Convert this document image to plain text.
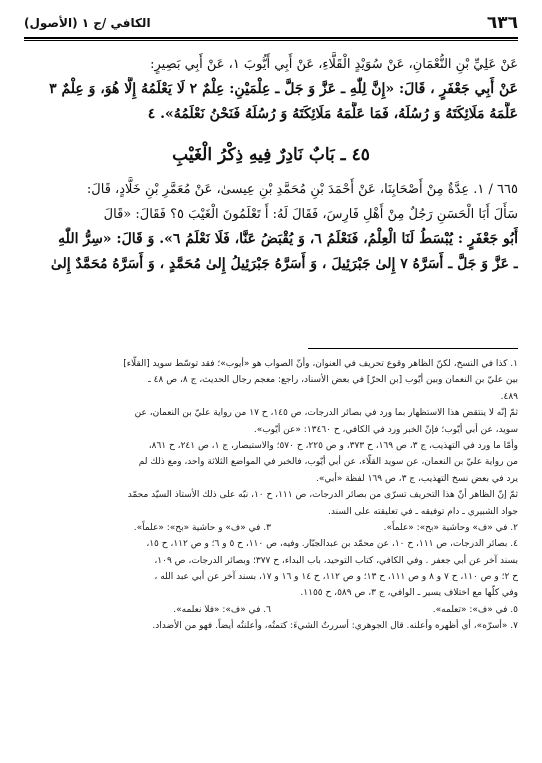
٦٣٦
الكافي /ج ١ (الأصول)
عَنْ عَلِيِّ بْنِ النُّعْمَانِ، عَنْ سُوَيْدٍ الْقَلَّاءِ، عَنْ أَبِي أَيُّوبَ ١، عَنْ أَبِي بَصِيرٍ:
عَنْ أَبِي جَعْفَرٍ ، قَالَ: «إِنَّ لِلّٰهِ ـ عَزَّ وَ جَلَّ ـ عِلْمَيْنِ: عِلْمٌ ٢ لَا يَعْلَمُهُ إِلَّا هُوَ، وَ عِلْمٌ ٣
عَلَّمَهُ مَلَائِكَتَهُ وَ رُسُلَهُ، فَمَا عَلَّمَهُ مَلَائِكَتَهُ وَ رُسُلَهُ فَنَحْنُ نَعْلَمُهُ». ٤
٤٥ ـ بَابٌ نَادِرٌ فِيهِ ذِكْرُ الْغَيْبِ
٦٦٥ / ١. عِدَّةٌ مِنْ أَصْحَابِنَا، عَنْ أَحْمَدَ بْنِ مُحَمَّدِ بْنِ عِيسىٰ، عَنْ مُعَمَّرِ بْنِ خَلَّادٍ، قَالَ:
سَأَلَ أَبَا الْحَسَنِ رَجُلٌ مِنْ أَهْلِ فَارِسَ، فَقَالَ لَهُ: أَ تَعْلَمُونَ الْغَيْبَ ٥؟ فَقَالَ: «قَالَ
أَبُو جَعْفَرٍ : يُبْسَطُ لَنَا الْعِلْمُ، فَنَعْلَمُ ٦، وَ يُقْبَضُ عَنَّا، فَلَا نَعْلَمُ ٦». وَ قَالَ: «سِرُّ اللّٰهِ
ـ عَزَّ وَ جَلَّ ـ أَسَرَّهُ ٧ إِلىٰ جَبْرَئِيلَ ، وَ أَسَرَّهُ جَبْرَئِيلُ إِلىٰ مُحَمَّدٍ ، وَ أَسَرَّهُ مُحَمَّدٌ إِلىٰ
١. كذا في النسخ، لكنّ الظاهر وقوع تحريف في العنوان، وأنّ الصواب هو «أيوب»؛ فقد توسّط سويد [القلّاء]
بين عليّ بن النعمان وبين أيّوب [بن الحرّ] في بعض الأسناد، راجع: معجم رجال الحديث، ج ٨، ص ٤٨ ـ
٤٨٩.
ثمّ إنّه لا ينتقض هذا الاستظهار بما ورد في بصائر الدرجات، ص ١٤٥، ح ١٧ من رواية عليّ بن النعمان، عن
سويد، عن أبي أيّوب؛ فإنّ الخبر ورد في الكافي، ح ١٣٤٦٠: «عن أيّوب».
وأمّا ما ورد في التهذيب، ج ٣، ص ١٦٩، ح ٣٧٣، و ص ٢٢٥، ح ٥٧٠؛ والاستبصار، ج ١، ص ٢٤١، ح ٨٦١،
من رواية عليّ بن النعمان، عن سويد القلّاء، عن أبي أيّوب، فالخبر في المواضع الثلاثة واحد، ومع ذلك لم
يرد في بعض نسخ التهذيب، ج ٣، ص ١٦٩ لفظة «أبي».
ثمّ إنّ الظاهر أنّ هذا التحريف تسرّى من بصائر الدرجات، ص ١١١، ح ١٠، نبّه على ذلك الأستاذ السيّد محمّد
جواد الشبيري ـ دام توفيقه ـ في تعليقته على السند.
٢. في «ف» وحاشية «بح»: «علماً».
٣. في «ف» و حاشية «بح»: «علماً».
٤. بصائر الدرجات، ص ١١١، ح ١٠، عن محمّد بن عبدالجبّار. وفيه، ص ١١٠، ح ٥ و ٦؛ و ص ١١٢، ح ١٥،
بسند آخر عن أبي جعفر . وفي الكافي، كتاب التوحيد، باب البداء، ح ٣٧٧؛ وبصائر الدرجات، ص ١٠٩،
ح ٢؛ و ص ١١٠، ح ٧ و ٨ و ص ١١١، ح ١٣؛ و ص ١١٢، ح ١٤ و ١٦ و ١٧، بسند آخر عن أبي عبد الله ،
وفي كلّها مع اختلاف يسير ـ الوافي، ج ٣، ص ٥٨٩، ح ١١٥٥.
٥. في «ف»: «تعلمه».
٦. في «ف»: «فلا نعلمه».
٧. «أسرّه»، أي أظهره وأعلنه. قال الجوهري: أسررتُ الشيءَ: كتمتُه، وأعلنتُه أيضاً. فهو من الأضداد.
